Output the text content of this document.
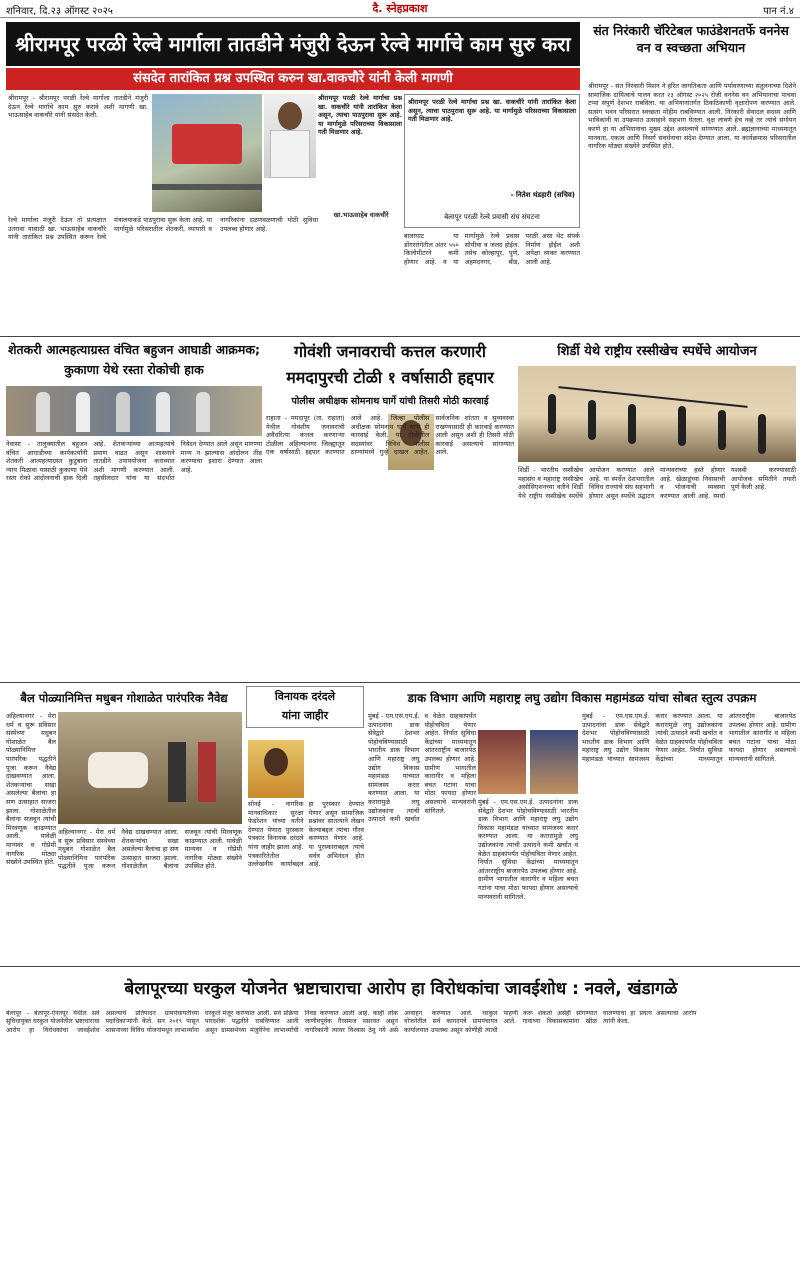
शनिवार, दि.२३ ऑगस्ट २०२५	दै. स्नेहप्रकाश	पान नं.४
श्रीरामपूर परळी रेल्वे मार्गाला तातडीने मंजुरी देऊन रेल्वे मार्गाचे काम सुरु करा
संसदेत तारांकित प्रश्न उपस्थित करुन खा.वाकचौरे यांनी केली मागणी
श्रीरामपूर - श्रीरामपूर परळी रेल्वे मार्गाला तातडीने मंजुरी देऊन रेल्वे मार्गाचे काम सुरु करावे अशी मागणी खा. भाऊसाहेब वाकचौरे यांनी संसदेत केली.
रेल्वे मार्गाला मंजुरी देऊन तो प्रत्यक्षात उतरावा यासाठी खा. भाऊसाहेब वाकचौरे यांनी तारांकित प्रश्न उपस्थित करून रेल्वे मंत्रालयाकडे पाठपुरावा सुरू केला आहे. या मार्गामुळे परिसरातील शेतकरी, व्यापारी व नागरिकांना दळणवळणाची मोठी सुविधा उपलब्ध होणार आहे.
खा.भाऊसाहेब वाकचौरे
श्रीरामपूर परळी रेल्वे मार्गाचा प्रश्न खा. वाकचौरे यांनी तारांकित केला असून, त्याचा पाठपुरावा सुरू आहे. या मार्गामुळे परिसराच्या विकासाला गती मिळणार आहे.
श्रीरामपूर परळी रेल्वे मार्गाचा प्रश्न खा. वाकचौरे यांनी तारांकित केला असून, त्याचा पाठपुरावा सुरू आहे. या मार्गामुळे परिसराच्या विकासाला गती मिळणार आहे.
- नितेश थंडहारी (सचिव)
बेलापूर परळी रेल्वे प्रवासी संघ संघटना
बालाघाट या डोंगररांगेतील अंतर ५५० किलोमीटरने कमी होणार आहे. व या मार्गामुळे रेल्वे प्रवास सोयीचा व जलद होईल. तसेच कोल्हापूर, पुणे, अहमदनगर, बीड, परळी असा थेट संपर्क निर्माण होईल अशी अपेक्षा व्यक्त करण्यात आली आहे.
संत निरंकारी चॅरिटेबल फाउंडेशनतर्फे वननेस वन व स्वच्छता अभियान
श्रीरामपूर - संत निरंकारी मिशन ने हरित जागतिकता आणि पर्यावरणाच्या संतुलनाच्या दिशेने सामाजिक दायित्वाचे पालन करत २३ ऑगस्ट २०२५ रोजी वननेस वन अभियानाचा पाचवा टप्पा संपूर्ण देशभर राबविला. या अभियानांतर्गत ठिकठिकाणी वृक्षारोपण करण्यात आले. सत्संग भवन परिसरात स्वच्छता मोहीम राबविण्यात आली. निरंकारी सेवादल सदस्य आणि भाविकांनी या उपक्रमात उत्साहाने सहभाग घेतला. वृक्ष लावणे हेच नव्हे तर त्यांचे संगोपन करणे हा या अभियानाचा मुख्य उद्देश असल्याचे सांगण्यात आले. ब्रह्मज्ञानाच्या माध्यमातून मानवता, एकत्व आणि निसर्ग संवर्धनाचा संदेश देण्यात आला. या कार्यक्रमास परिसरातील नागरिक मोठ्या संख्येने उपस्थित होते.
शेतकरी आत्महत्याग्रस्त वंचित बहुजन आघाडी आक्रमक; कुकाणा येथे रस्ता रोकोची हाक
नेवासा - तालुक्यातील बहुजन वंचित आघाडीच्या कार्यकर्त्यांनी शेतकरी आत्महत्याग्रस्त कुटुंबाना न्याय मिळावा यासाठी कुकाणा येथे रस्ता रोको आंदोलनाची हाक दिली आहे. शेतकऱ्यांच्या आत्महत्यांचे प्रमाण वाढत असून शासनाने तातडीने उपाययोजना कराव्यात अशी मागणी करण्यात आली. तहसीलदार यांना या संदर्भात निवेदन देण्यात आले असून मागण्या मान्य न झाल्यास आंदोलन तीव्र करण्याचा इशारा देण्यात आला आहे.
गोवंशी जनावराची कत्तल करणारी
ममदापुरची टोळी १ वर्षासाठी हद्दपार
पोलीस अधीक्षक सोमनाथ घार्गे यांची तिसरी मोठी कारवाई
राहाता - ममदापूर (ता. राहाता) येथील गोवंशीय जनावरांची अवैधरित्या कत्तल करणाऱ्या टोळीला अहिल्यानगर जिल्ह्यातून एक वर्षासाठी हद्दपार करण्यात आले आहे. जिल्हा पोलीस अधीक्षक सोमनाथ घार्गे यांनी ही कारवाई केली. या टोळीतील सदस्यांवर विविध पोलीस ठाण्यांमध्ये गुन्हे दाखल आहेत. सार्वजनिक शांतता व सुव्यवस्था राखण्यासाठी ही कारवाई करण्यात आली असून अशी ही तिसरी मोठी कारवाई असल्याचे सांगण्यात आले.
शिर्डी येथे राष्ट्रीय रस्सीखेच स्पर्धेचे आयोजन
शिर्डी - भारतीय रस्सीखेच महासंघ व महाराष्ट्र रस्सीखेच असोसिएशनच्या वतीने शिर्डी येथे राष्ट्रीय रस्सीखेच स्पर्धेचे आयोजन करण्यात आले आहे. या स्पर्धेत देशभरातील विविध राज्यांचे संघ सहभागी होणार असून स्पर्धेचे उद्घाटन मान्यवरांच्या हस्ते होणार आहे. खेळाडूंच्या निवासाची व भोजनाची व्यवस्था करण्यात आली आहे. स्पर्धा यशस्वी करण्यासाठी आयोजक समितीने तयारी पूर्ण केली आहे.
बैल पोळ्यानिमित्त मधुबन गोशाळेत पारंपरिक नैवेद्य
अहिल्यानगर - मेरा धर्म व सुरू प्रविसार संस्थेच्या मधुबन गोशाळेत बैल पोळ्यानिमित्त पारंपरिक पद्धतीने पूजा करून नैवेद्य दाखवण्यात आला. शेतकऱ्यांचा सखा असलेल्या बैलांचा हा सण उत्साहात साजरा झाला. गोशाळेतील बैलांना सजवून त्यांची मिरवणूक काढण्यात आली. यावेळी मान्यवर व गोप्रेमी नागरिक मोठ्या संख्येने उपस्थित होते.
अहिल्यानगर - मेरा धर्म व सुरू प्रविसार संस्थेच्या मधुबन गोशाळेत बैल पोळ्यानिमित्त पारंपरिक पद्धतीने पूजा करून नैवेद्य दाखवण्यात आला. शेतकऱ्यांचा सखा असलेल्या बैलांचा हा सण उत्साहात साजरा झाला. गोशाळेतील बैलांना सजवून त्यांची मिरवणूक काढण्यात आली. यावेळी मान्यवर व गोप्रेमी नागरिक मोठ्या संख्येने उपस्थित होते.
विनायक दरंदले
यांना जाहीर
सोनई - नागरिक मानवाधिकार सुरक्षा फेडरेशन यांच्या वतीने देण्यात येणारा पुरस्कार पत्रकार विनायक दरंदले यांना जाहीर झाला आहे. पत्रकारितेतील उल्लेखनीय कार्याबद्दल हा पुरस्कार देण्यात येणार असून सामाजिक प्रश्नांवर सातत्याने लेखन केल्याबद्दल त्यांचा गौरव करण्यात येणार आहे. या पुरस्काराबद्दल त्यांचे सर्वत्र अभिनंदन होत आहे.
डाक विभाग आणि महाराष्ट्र लघु उद्योग विकास महामंडळ यांचा सोबत स्तुत्य उपक्रम
मुंबई - एम.एस.एम.ई. उत्पादनांना डाक सेवेद्वारे देशभर पोहोचविण्यासाठी भारतीय डाक विभाग आणि महाराष्ट्र लघु उद्योग विकास महामंडळ यांच्यात सामंजस्य करार करण्यात आला. या करारामुळे लघु उद्योजकांना त्यांची उत्पादने कमी खर्चात व वेळेत ग्राहकांपर्यंत पोहोचविता येणार आहेत. निर्यात सुविधा केंद्रांच्या माध्यमातून आंतरराष्ट्रीय बाजारपेठ उपलब्ध होणार आहे. ग्रामीण भागातील कारागीर व महिला बचत गटांना याचा मोठा फायदा होणार असल्याचे मान्यवरांनी सांगितले.
मुंबई - एम.एस.एम.ई. उत्पादनांना डाक सेवेद्वारे देशभर पोहोचविण्यासाठी भारतीय डाक विभाग आणि महाराष्ट्र लघु उद्योग विकास महामंडळ यांच्यात सामंजस्य करार करण्यात आला. या करारामुळे लघु उद्योजकांना त्यांची उत्पादने कमी खर्चात व वेळेत ग्राहकांपर्यंत पोहोचविता येणार आहेत. निर्यात सुविधा केंद्रांच्या माध्यमातून आंतरराष्ट्रीय बाजारपेठ उपलब्ध होणार आहे. ग्रामीण भागातील कारागीर व महिला बचत गटांना याचा मोठा फायदा होणार असल्याचे मान्यवरांनी सांगितले.
मुंबई - एम.एस.एम.ई. उत्पादनांना डाक सेवेद्वारे देशभर पोहोचविण्यासाठी भारतीय डाक विभाग आणि महाराष्ट्र लघु उद्योग विकास महामंडळ यांच्यात सामंजस्य करार करण्यात आला. या करारामुळे लघु उद्योजकांना त्यांची उत्पादने कमी खर्चात व वेळेत ग्राहकांपर्यंत पोहोचविता येणार आहेत. निर्यात सुविधा केंद्रांच्या माध्यमातून आंतरराष्ट्रीय बाजारपेठ उपलब्ध होणार आहे. ग्रामीण भागातील कारागीर व महिला बचत गटांना याचा मोठा फायदा होणार असल्याचे मान्यवरांनी सांगितले.
बेलापूरच्या घरकुल योजनेत भ्रष्टाचाराचा आरोप हा विरोधकांचा जावईशोध : नवले, खंडागळे
बेलापूर - बेलापूर-ऐनतपूर येथील सर्व सुविधायुक्त घरकुल योजनेतील भ्रष्टाचाराचा आरोप हा विरोधकांचा जावईशोध असल्याचे प्रतिपादन ग्रामपंचायतीच्या पदाधिकाऱ्यांनी केले. सन २०१९ पासून शासनाच्या विविध योजनांमधून लाभार्थ्यांना घरकुले मंजूर करण्यात आली. सर्व प्रक्रिया पारदर्शक पद्धतीने राबविण्यात आली असून ग्रामसभेच्या मंजुरीनेच लाभार्थ्यांची निवड करण्यात आली आहे. काही लोक जाणीवपूर्वक गैरसमज पसरवत असून नागरिकांनी त्यावर विश्वास ठेवू नये असे आवाहन करण्यात आले. घरकुल योजनेतील सर्व कागदपत्रे ग्रामपंचायत कार्यालयात उपलब्ध असून कोणीही त्याची पाहणी करू शकतो असेही सांगण्यात आले. गावाच्या विकासकामांना खीळ घालण्याचा हा प्रयत्न असल्याचा आरोप त्यांनी केला.
